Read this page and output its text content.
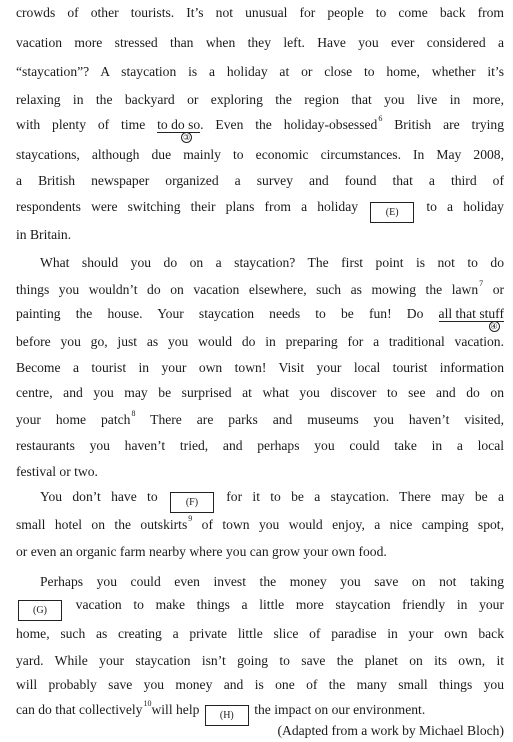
crowds of other tourists. It’s not unusual for people to come back from
vacation more stressed than when they left. Have you ever considered a
“staycation”? A staycation is a holiday at or close to home, whether it’s
relaxing in the backyard or exploring the region that you live in more,
with plenty of time to do so
③
. Even the holiday-obsessed$^6$ British are trying
staycations, although due mainly to economic circumstances. In May 2008,
a British newspaper organized a survey and found that a third of
respondents were switching their plans from a holiday	(E) to a holiday
in Britain.
What should you do on a staycation? The first point is not to do
things you wouldn’t do on vacation elsewhere, such as mowing the lawn$^7$ or
painting the house. Your staycation needs to be fun! Do all that stuff
④
before you go, just as you would do in preparing for a traditional vacation.
Become a tourist in your own town! Visit your local tourist information
centre, and you may be surprised at what you discover to see and do on
your home patch$^8$ There are parks and museums you haven’t visited,
restaurants you haven’t tried, and perhaps you could take in a local
festival or two.
You don’t have to	(F) for it to be a staycation. There may be a
small hotel on the outskirts$^9$ of town you would enjoy, a nice camping spot,
or even an organic farm nearby where you can grow your own food.
Perhaps you could even invest the money you save on not taking
(G) vacation to make things a little more staycation friendly in your
home, such as creating a private little slice of paradise in your own back
yard. While your staycation isn’t going to save the planet on its own, it
will probably save you money and is one of the many small things you
can do that collectively$^{10}$will help (H) the impact on our environment.
(Adapted from a work by Michael Bloch)
